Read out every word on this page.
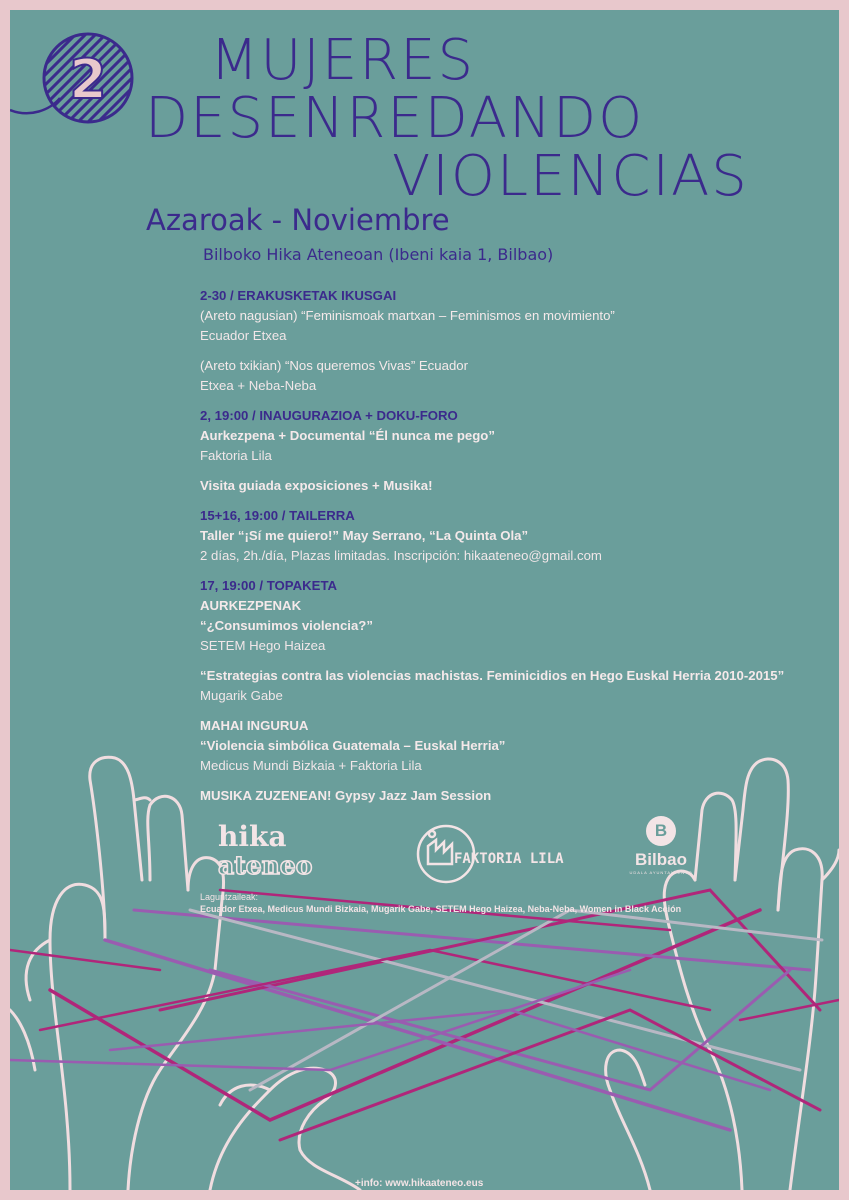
2 MUJERES
DESENREDANDO
VIOLENCIAS
Azaroak - Noviembre
Bilboko Hika Ateneoan (Ibeni kaia 1, Bilbao)
2-30 / ERAKUSKETAK IKUSGAI
(Areto nagusian) “Feminismoak martxan – Feminismos en movimiento”
Ecuador Etxea
(Areto txikian) “Nos queremos Vivas” Ecuador
Etxea + Neba-Neba
2, 19:00 / INAUGURAZIOA + DOKU-FORO
Aurkezpena + Documental “Él nunca me pego”
Faktoria Lila
Visita guiada exposiciones + Musika!
15+16, 19:00 / TAILERRA
Taller “¡Sí me quiero!” May Serrano, “La Quinta Ola”
2 días, 2h./día, Plazas limitadas. Inscripción: hikaateneo@gmail.com
17, 19:00 / TOPAKETA
AURKEZPENAK
“¿Consumimos violencia?”
SETEM Hego Haizea
“Estrategias contra las violencias machistas. Feminicidios en Hego Euskal Herria 2010-2015”
Mugarik Gabe
MAHAI INGURUA
“Violencia simbólica Guatemala – Euskal Herria”
Medicus Mundi Bizkaia + Faktoria Lila
MUSIKA ZUZENEAN! Gypsy Jazz Jam Session
hika
ateneo	FAKTORIA LILA
B
Bilbao
UDALA AYUNTAMIENTO
Laguntzaileak:
Ecuador Etxea, Medicus Mundi Bizkaia, Mugarik Gabe, SETEM Hego Haizea, Neba-Neba, Women in Black Acción
+info: www.hikaateneo.eus
